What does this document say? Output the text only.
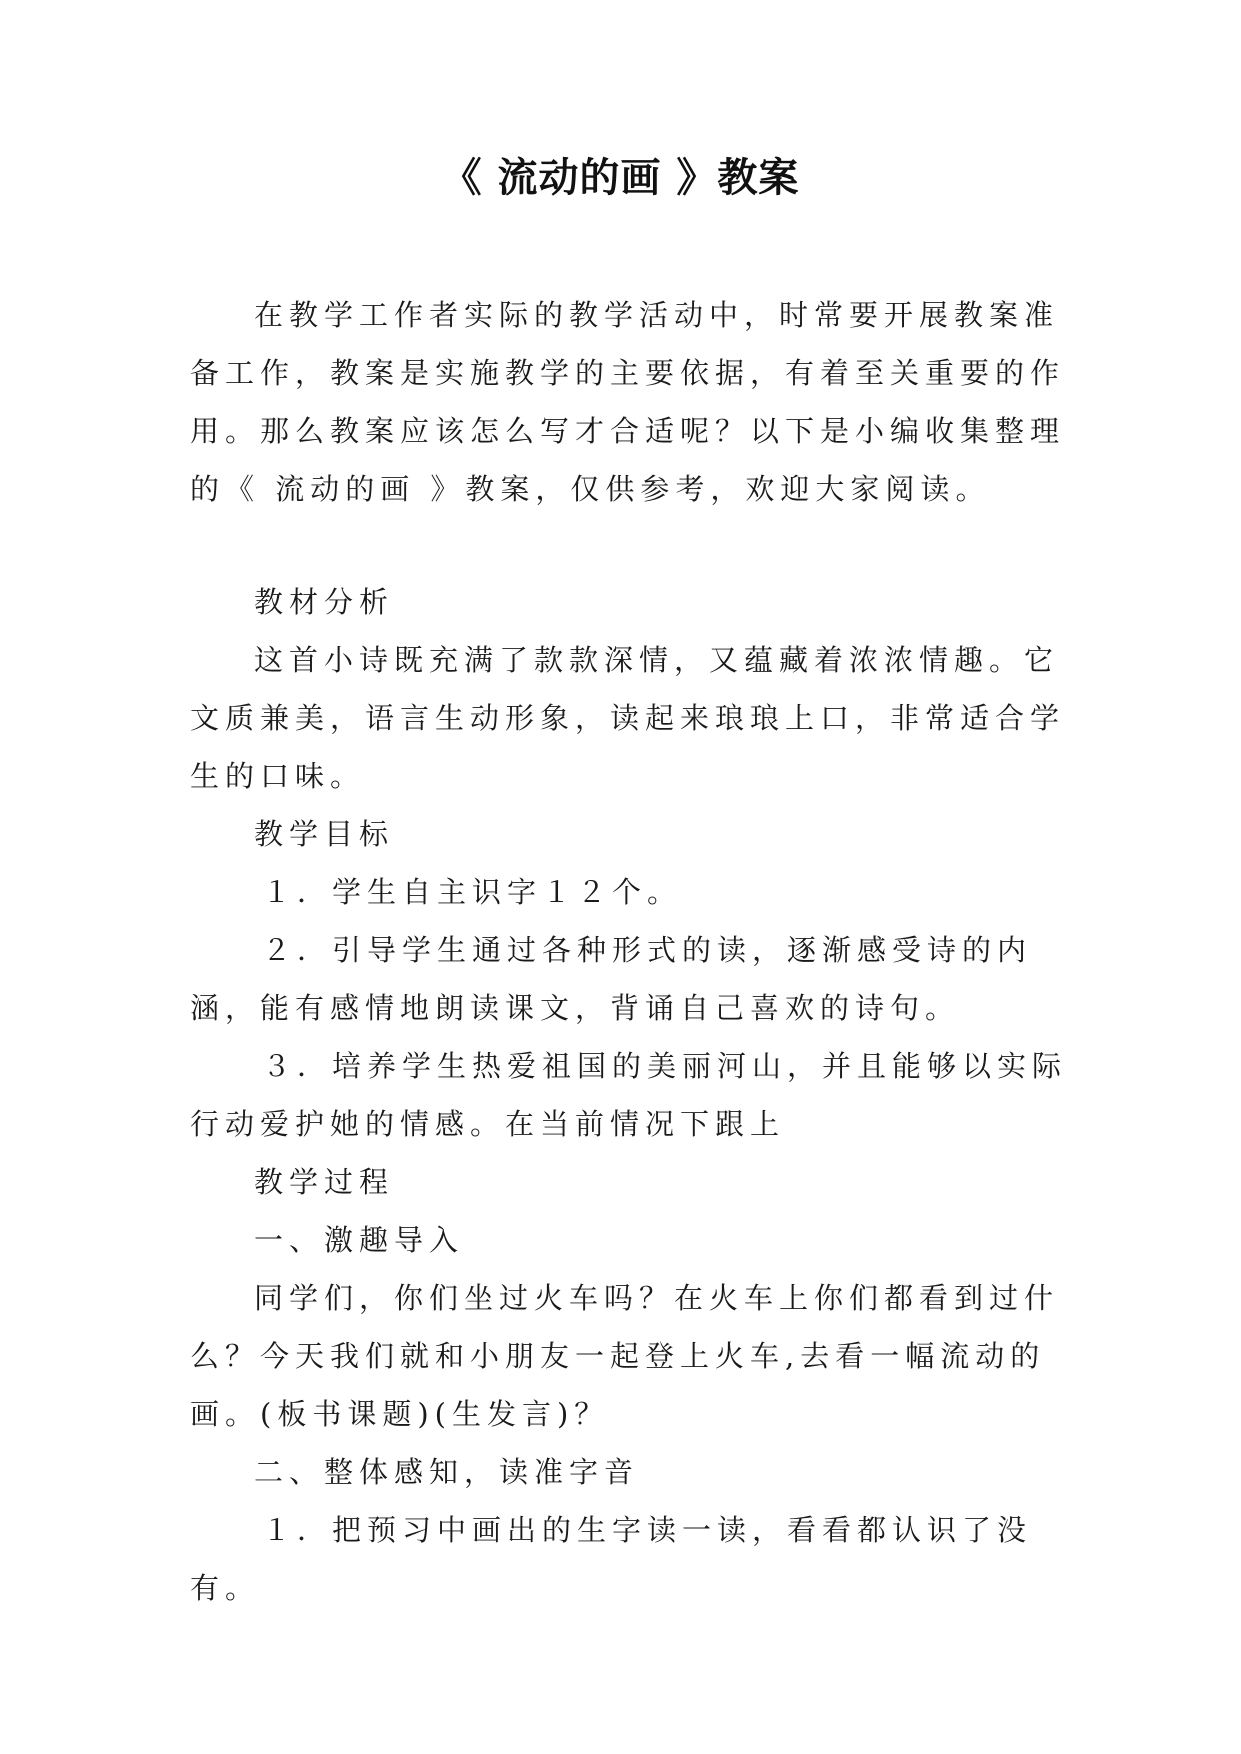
《 流动的画 》教案

在教学工作者实际的教学活动中，时常要开展教案准备工作，教案是实施教学的主要依据，有着至关重要的作用。那么教案应该怎么写才合适呢？以下是小编收集整理的《 流动的画 》教案，仅供参考，欢迎大家阅读。

教材分析

这首小诗既充满了款款深情，又蕴藏着浓浓情趣。它文质兼美，语言生动形象，读起来琅琅上口，非常适合学生的口味。

教学目标

１．学生自主识字１２个。

２．引导学生通过各种形式的读，逐渐感受诗的内涵，能有感情地朗读课文，背诵自己喜欢的诗句。

３．培养学生热爱祖国的美丽河山，并且能够以实际行动爱护她的情感。在当前情况下跟上

教学过程

一、激趣导入

同学们，你们坐过火车吗？在火车上你们都看到过什么？今天我们就和小朋友一起登上火车,去看一幅流动的画。(板书课题)(生发言)？

二、整体感知，读准字音

１．把预习中画出的生字读一读，看看都认识了没有。
